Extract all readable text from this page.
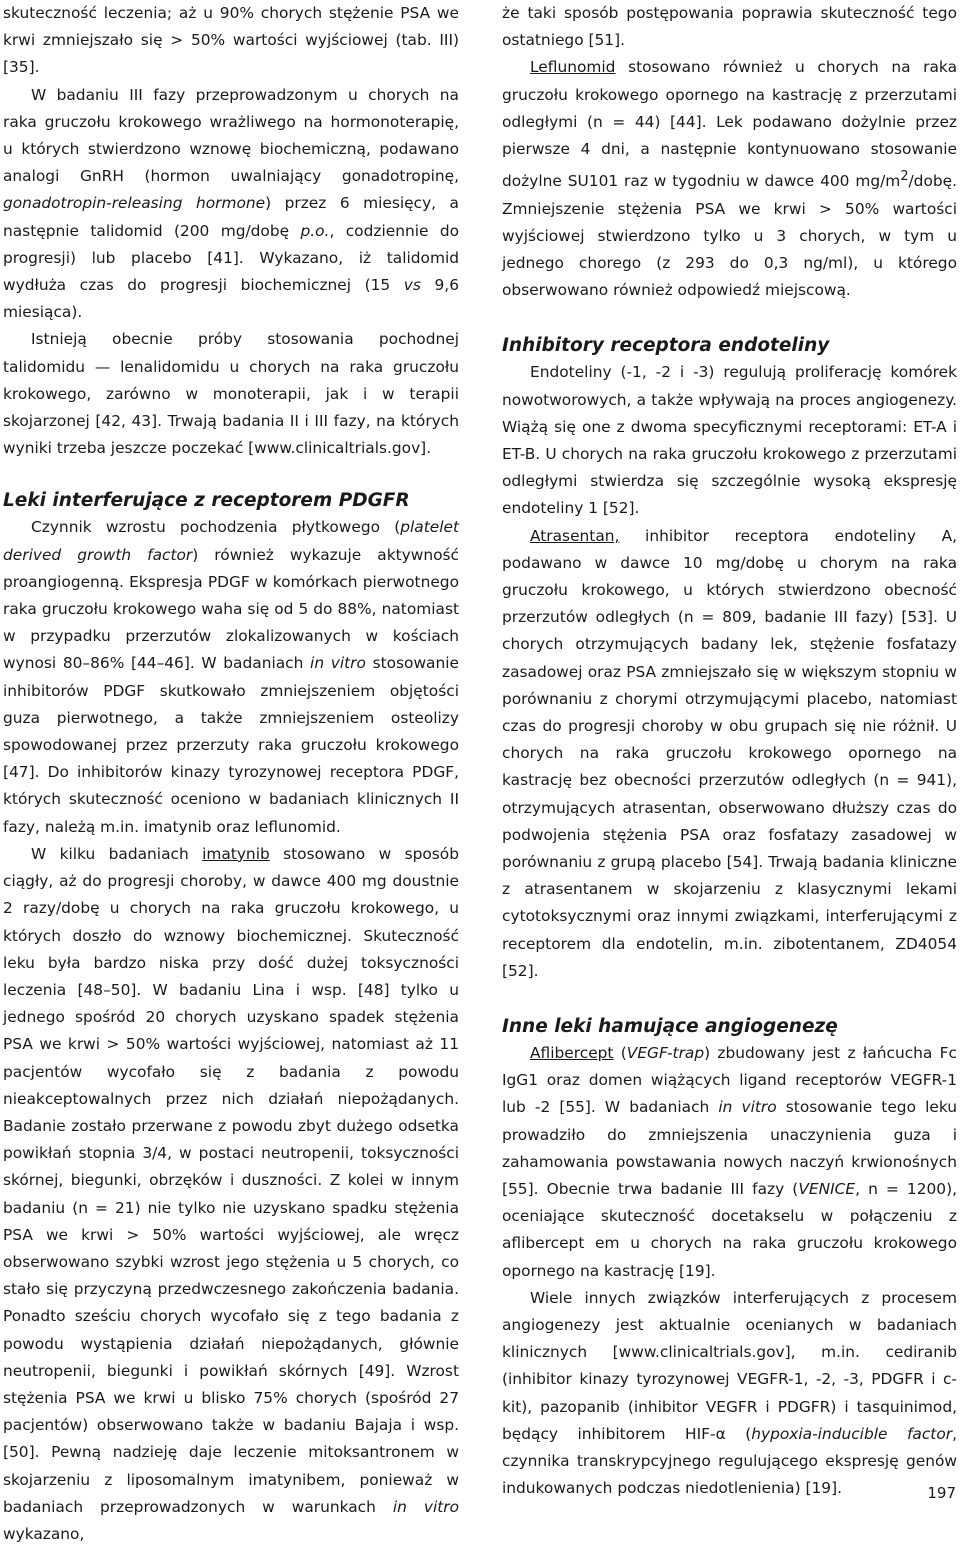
skuteczność leczenia; aż u 90% chorych stężenie PSA we krwi zmniejszało się > 50% wartości wyjściowej (tab. III) [35].

W badaniu III fazy przeprowadzonym u chorych na raka gruczołu krokowego wrażliwego na hormonoterapię, u których stwierdzono wznowę biochemiczną, podawano analogi GnRH (hormon uwalniający gonadotropinę, gonadotropin-releasing hormone) przez 6 miesięcy, a następnie talidomid (200 mg/dobę p.o., codziennie do progresji) lub placebo [41]. Wykazano, iż talidomid wydłuża czas do progresji biochemicznej (15 vs 9,6 miesiąca).

Istnieją obecnie próby stosowania pochodnej talidomidu — lenalidomidu u chorych na raka gruczołu krokowego, zarówno w monoterapii, jak i w terapii skojarzonej [42, 43]. Trwają badania II i III fazy, na których wyniki trzeba jeszcze poczekać [www.clinicaltrials.gov].

Leki interferujące z receptorem PDGFR

Czynnik wzrostu pochodzenia płytkowego (platelet derived growth factor) również wykazuje aktywność proangiogenną. Ekspresja PDGF w komórkach pierwotnego raka gruczołu krokowego waha się od 5 do 88%, natomiast w przypadku przerzutów zlokalizowanych w kościach wynosi 80–86% [44–46]. W badaniach in vitro stosowanie inhibitorów PDGF skutkowało zmniejszeniem objętości guza pierwotnego, a także zmniejszeniem osteolizy spowodowanej przez przerzuty raka gruczołu krokowego [47]. Do inhibitorów kinazy tyrozynowej receptora PDGF, których skuteczność oceniono w badaniach klinicznych II fazy, należą m.in. imatynib oraz leflunomid.

W kilku badaniach imatynib stosowano w sposób ciągły, aż do progresji choroby, w dawce 400 mg doustnie 2 razy/dobę u chorych na raka gruczołu krokowego, u których doszło do wznowy biochemicznej. Skuteczność leku była bardzo niska przy dość dużej toksyczności leczenia [48–50]. W badaniu Lina i wsp. [48] tylko u jednego spośród 20 chorych uzyskano spadek stężenia PSA we krwi > 50% wartości wyjściowej, natomiast aż 11 pacjentów wycofało się z badania z powodu nieakceptowalnych przez nich działań niepożądanych. Badanie zostało przerwane z powodu zbyt dużego odsetka powikłań stopnia 3/4, w postaci neutropenii, toksyczności skórnej, biegunki, obrzęków i duszności. Z kolei w innym badaniu (n = 21) nie tylko nie uzyskano spadku stężenia PSA we krwi > 50% wartości wyjściowej, ale wręcz obserwowano szybki wzrost jego stężenia u 5 chorych, co stało się przyczyną przedwczesnego zakończenia badania. Ponadto sześciu chorych wycofało się z tego badania z powodu wystąpienia działań niepożądanych, głównie neutropenii, biegunki i powikłań skórnych [49]. Wzrost stężenia PSA we krwi u blisko 75% chorych (spośród 27 pacjentów) obserwowano także w badaniu Bajaja i wsp. [50]. Pewną nadzieję daje leczenie mitoksantronem w skojarzeniu z liposomalnym imatynibem, ponieważ w badaniach przeprowadzonych w warunkach in vitro wykazano,

że taki sposób postępowania poprawia skuteczność tego ostatniego [51].

Leflunomid stosowano również u chorych na raka gruczołu krokowego opornego na kastrację z przerzutami odległymi (n = 44) [44]. Lek podawano dożylnie przez pierwsze 4 dni, a następnie kontynuowano stosowanie dożylne SU101 raz w tygodniu w dawce 400 $mg/m^2$/dobę. Zmniejszenie stężenia PSA we krwi > 50% wartości wyjściowej stwierdzono tylko u 3 chorych, w tym u jednego chorego (z 293 do 0,3 ng/ml), u którego obserwowano również odpowiedź miejscową.

Inhibitory receptora endoteliny

Endoteliny (-1, -2 i -3) regulują proliferację komórek nowotworowych, a także wpływają na proces angiogenezy. Wiążą się one z dwoma specyficznymi receptorami: ET-A i ET-B. U chorych na raka gruczołu krokowego z przerzutami odległymi stwierdza się szczególnie wysoką ekspresję endoteliny 1 [52].

Atrasentan, inhibitor receptora endoteliny A, podawano w dawce 10 mg/dobę u chorym na raka gruczołu krokowego, u których stwierdzono obecność przerzutów odległych (n = 809, badanie III fazy) [53]. U chorych otrzymujących badany lek, stężenie fosfatazy zasadowej oraz PSA zmniejszało się w większym stopniu w porównaniu z chorymi otrzymującymi placebo, natomiast czas do progresji choroby w obu grupach się nie różnił. U chorych na raka gruczołu krokowego opornego na kastrację bez obecności przerzutów odległych (n = 941), otrzymujących atrasentan, obserwowano dłuższy czas do podwojenia stężenia PSA oraz fosfatazy zasadowej w porównaniu z grupą placebo [54]. Trwają badania kliniczne z atrasentanem w skojarzeniu z klasycznymi lekami cytotoksycznymi oraz innymi związkami, interferującymi z receptorem dla endotelin, m.in. zibotentanem, ZD4054 [52].

Inne leki hamujące angiogenezę

Aflibercept (VEGF-trap) zbudowany jest z łańcucha Fc IgG1 oraz domen wiążących ligand receptorów VEGFR-1 lub -2 [55]. W badaniach in vitro stosowanie tego leku prowadziło do zmniejszenia unaczynienia guza i zahamowania powstawania nowych naczyń krwionośnych [55]. Obecnie trwa badanie III fazy (VENICE, n = 1200), oceniające skuteczność docetakselu w połączeniu z aflibercept em u chorych na raka gruczołu krokowego opornego na kastrację [19].

Wiele innych związków interferujących z procesem angiogenezy jest aktualnie ocenianych w badaniach klinicznych [www.clinicaltrials.gov], m.in. cediranib (inhibitor kinazy tyrozynowej VEGFR-1, -2, -3, PDGFR i c-kit), pazopanib (inhibitor VEGFR i PDGFR) i tasquinimod, będący inhibitorem HIF-α (hypoxia-inducible factor, czynnika transkrypcyjnego regulującego ekspresję genów indukowanych podczas niedotlenienia) [19].	197
